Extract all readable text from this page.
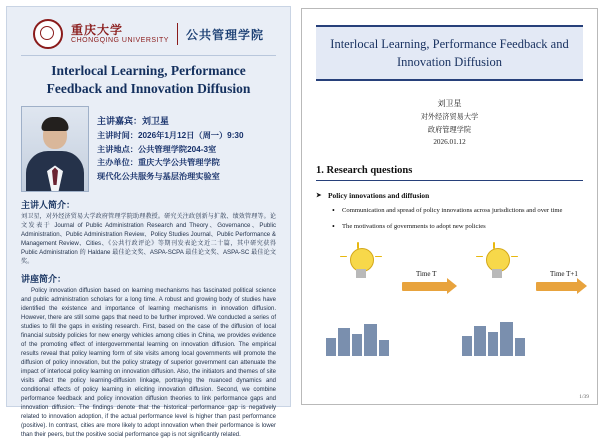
重庆大学
CHONGQING UNIVERSITY 公共管理学院
Interlocal Learning, Performance Feedback and Innovation Diffusion
主讲嘉宾：刘卫星
主讲时间：2026年1月12日（周一）9:30
主讲地点：公共管理学院204-3室
主办单位：重庆大学公共管理学院
现代化公共服务与基层治理实验室
主讲人简介：
刘卫星，对外经济贸易大学政府管理学院助理教授。研究关注政创新与扩散、绩效管理等。论文发表于 Journal of Public Administration Research and Theory、Governance、Public Administration、Public Administration Review、Policy Studies Journal、Public Performance & Management Review、Cities、《公共行政评论》等期刊发表论文近二十篇，其中研究获得 Public Administration 的 Haldane 最佳论文奖、ASPA-SCPA 最佳论文奖、ASPA-SC 最佳论文奖。
讲座简介：
Policy innovation diffusion based on learning mechanisms has fascinated political science and public administration scholars for a long time. A robust and growing body of studies have identified the existence and importance of learning mechanisms in innovation diffusion. However, there are still some gaps that need to be further improved. We conducted a series of studies to fill the gaps in existing research. First, based on the case of the diffusion of local financial subsidy policies for new energy vehicles among cities in China, we provides evidence of the promoting effect of intergovernmental learning on innovation diffusion. The empirical results reveal that policy learning form of site visits among local governments will promote the diffusion of policy innovation, but the policy strategy of superior government can attenuate the impact of interlocal policy learning on innovation diffusion. Also, the initiators and themes of site visits affect the policy learning-diffusion linkage, portraying the nuanced dynamics and conditional effects of policy learning in eliciting innovation diffusion. Second, we combine performance feedback and policy innovation diffusion theories to link performance gaps and innovation diffusion. The findings denote that the historical performance gap is negatively related to innovation adoption, if the actual performance level is higher than past performance (positive). In contrast, cities are more likely to adopt innovation when their performance is lower than their peers, but the positive social performance gap is not significantly related.
Interlocal Learning, Performance Feedback and Innovation Diffusion
刘卫星
对外经济贸易大学
政府管理学院
2026.01.12
1. Research questions
➤ Policy innovations and diffusion
• Communication and spread of policy innovations across jurisdictions and over time
• The motivations of governments to adopt new policies
Time T	Time T+1
1/39
